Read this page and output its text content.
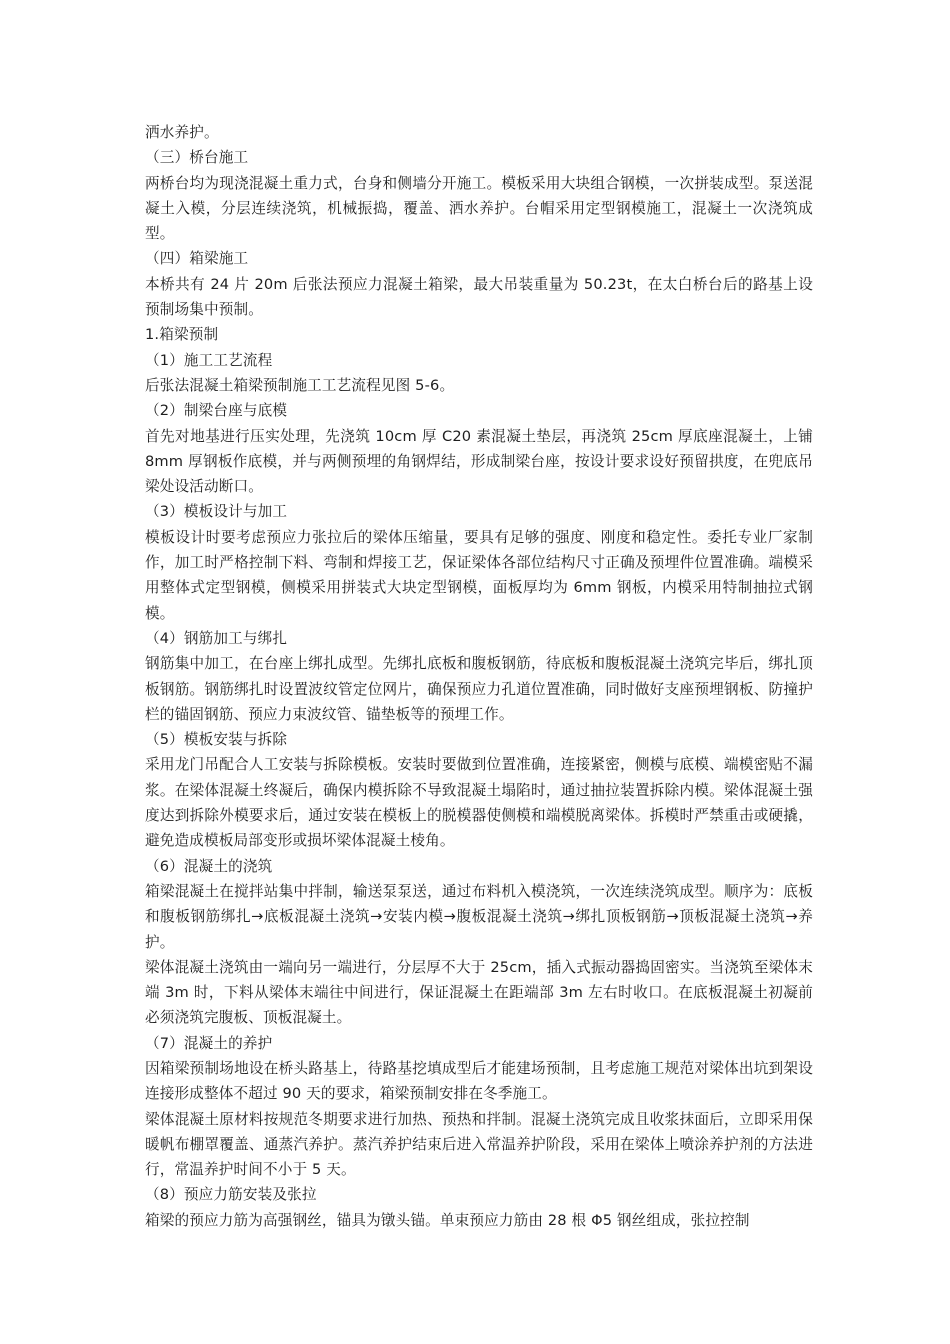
洒水养护。

（三）桥台施工

两桥台均为现浇混凝土重力式，台身和侧墙分开施工。模板采用大块组合钢模，一次拼装成型。泵送混凝土入模，分层连续浇筑，机械振捣，覆盖、洒水养护。台帽采用定型钢模施工，混凝土一次浇筑成型。

（四）箱梁施工

本桥共有 24 片 20m 后张法预应力混凝土箱梁，最大吊装重量为 50.23t，在太白桥台后的路基上设预制场集中预制。

1.箱梁预制

（1）施工工艺流程

后张法混凝土箱梁预制施工工艺流程见图 5-6。

（2）制梁台座与底模

首先对地基进行压实处理，先浇筑 10cm 厚 C20 素混凝土垫层，再浇筑 25cm 厚底座混凝土，上铺 8mm 厚钢板作底模，并与两侧预埋的角钢焊结，形成制梁台座，按设计要求设好预留拱度，在兜底吊梁处设活动断口。

（3）模板设计与加工

模板设计时要考虑预应力张拉后的梁体压缩量，要具有足够的强度、刚度和稳定性。委托专业厂家制作，加工时严格控制下料、弯制和焊接工艺，保证梁体各部位结构尺寸正确及预埋件位置准确。端模采用整体式定型钢模，侧模采用拼装式大块定型钢模，面板厚均为 6mm 钢板，内模采用特制抽拉式钢模。

（4）钢筋加工与绑扎

钢筋集中加工，在台座上绑扎成型。先绑扎底板和腹板钢筋，待底板和腹板混凝土浇筑完毕后，绑扎顶板钢筋。钢筋绑扎时设置波纹管定位网片，确保预应力孔道位置准确，同时做好支座预埋钢板、防撞护栏的锚固钢筋、预应力束波纹管、锚垫板等的预埋工作。

（5）模板安装与拆除

采用龙门吊配合人工安装与拆除模板。安装时要做到位置准确，连接紧密，侧模与底模、端模密贴不漏浆。在梁体混凝土终凝后，确保内模拆除不导致混凝土塌陷时，通过抽拉装置拆除内模。梁体混凝土强度达到拆除外模要求后，通过安装在模板上的脱模器使侧模和端模脱离梁体。拆模时严禁重击或硬撬，避免造成模板局部变形或损坏梁体混凝土棱角。

（6）混凝土的浇筑

箱梁混凝土在搅拌站集中拌制，输送泵泵送，通过布料机入模浇筑，一次连续浇筑成型。顺序为：底板和腹板钢筋绑扎→底板混凝土浇筑→安装内模→腹板混凝土浇筑→绑扎顶板钢筋→顶板混凝土浇筑→养护。

梁体混凝土浇筑由一端向另一端进行，分层厚不大于 25cm，插入式振动器捣固密实。当浇筑至梁体末端 3m 时，下料从梁体末端往中间进行，保证混凝土在距端部 3m 左右时收口。在底板混凝土初凝前必须浇筑完腹板、顶板混凝土。

（7）混凝土的养护

因箱梁预制场地设在桥头路基上，待路基挖填成型后才能建场预制，且考虑施工规范对梁体出坑到架设连接形成整体不超过 90 天的要求，箱梁预制安排在冬季施工。

梁体混凝土原材料按规范冬期要求进行加热、预热和拌制。混凝土浇筑完成且收浆抹面后，立即采用保暖帆布棚罩覆盖、通蒸汽养护。蒸汽养护结束后进入常温养护阶段，采用在梁体上喷涂养护剂的方法进行，常温养护时间不小于 5 天。

（8）预应力筋安装及张拉

箱梁的预应力筋为高强钢丝，锚具为镦头锚。单束预应力筋由 28 根 Φ5 钢丝组成，张拉控制
